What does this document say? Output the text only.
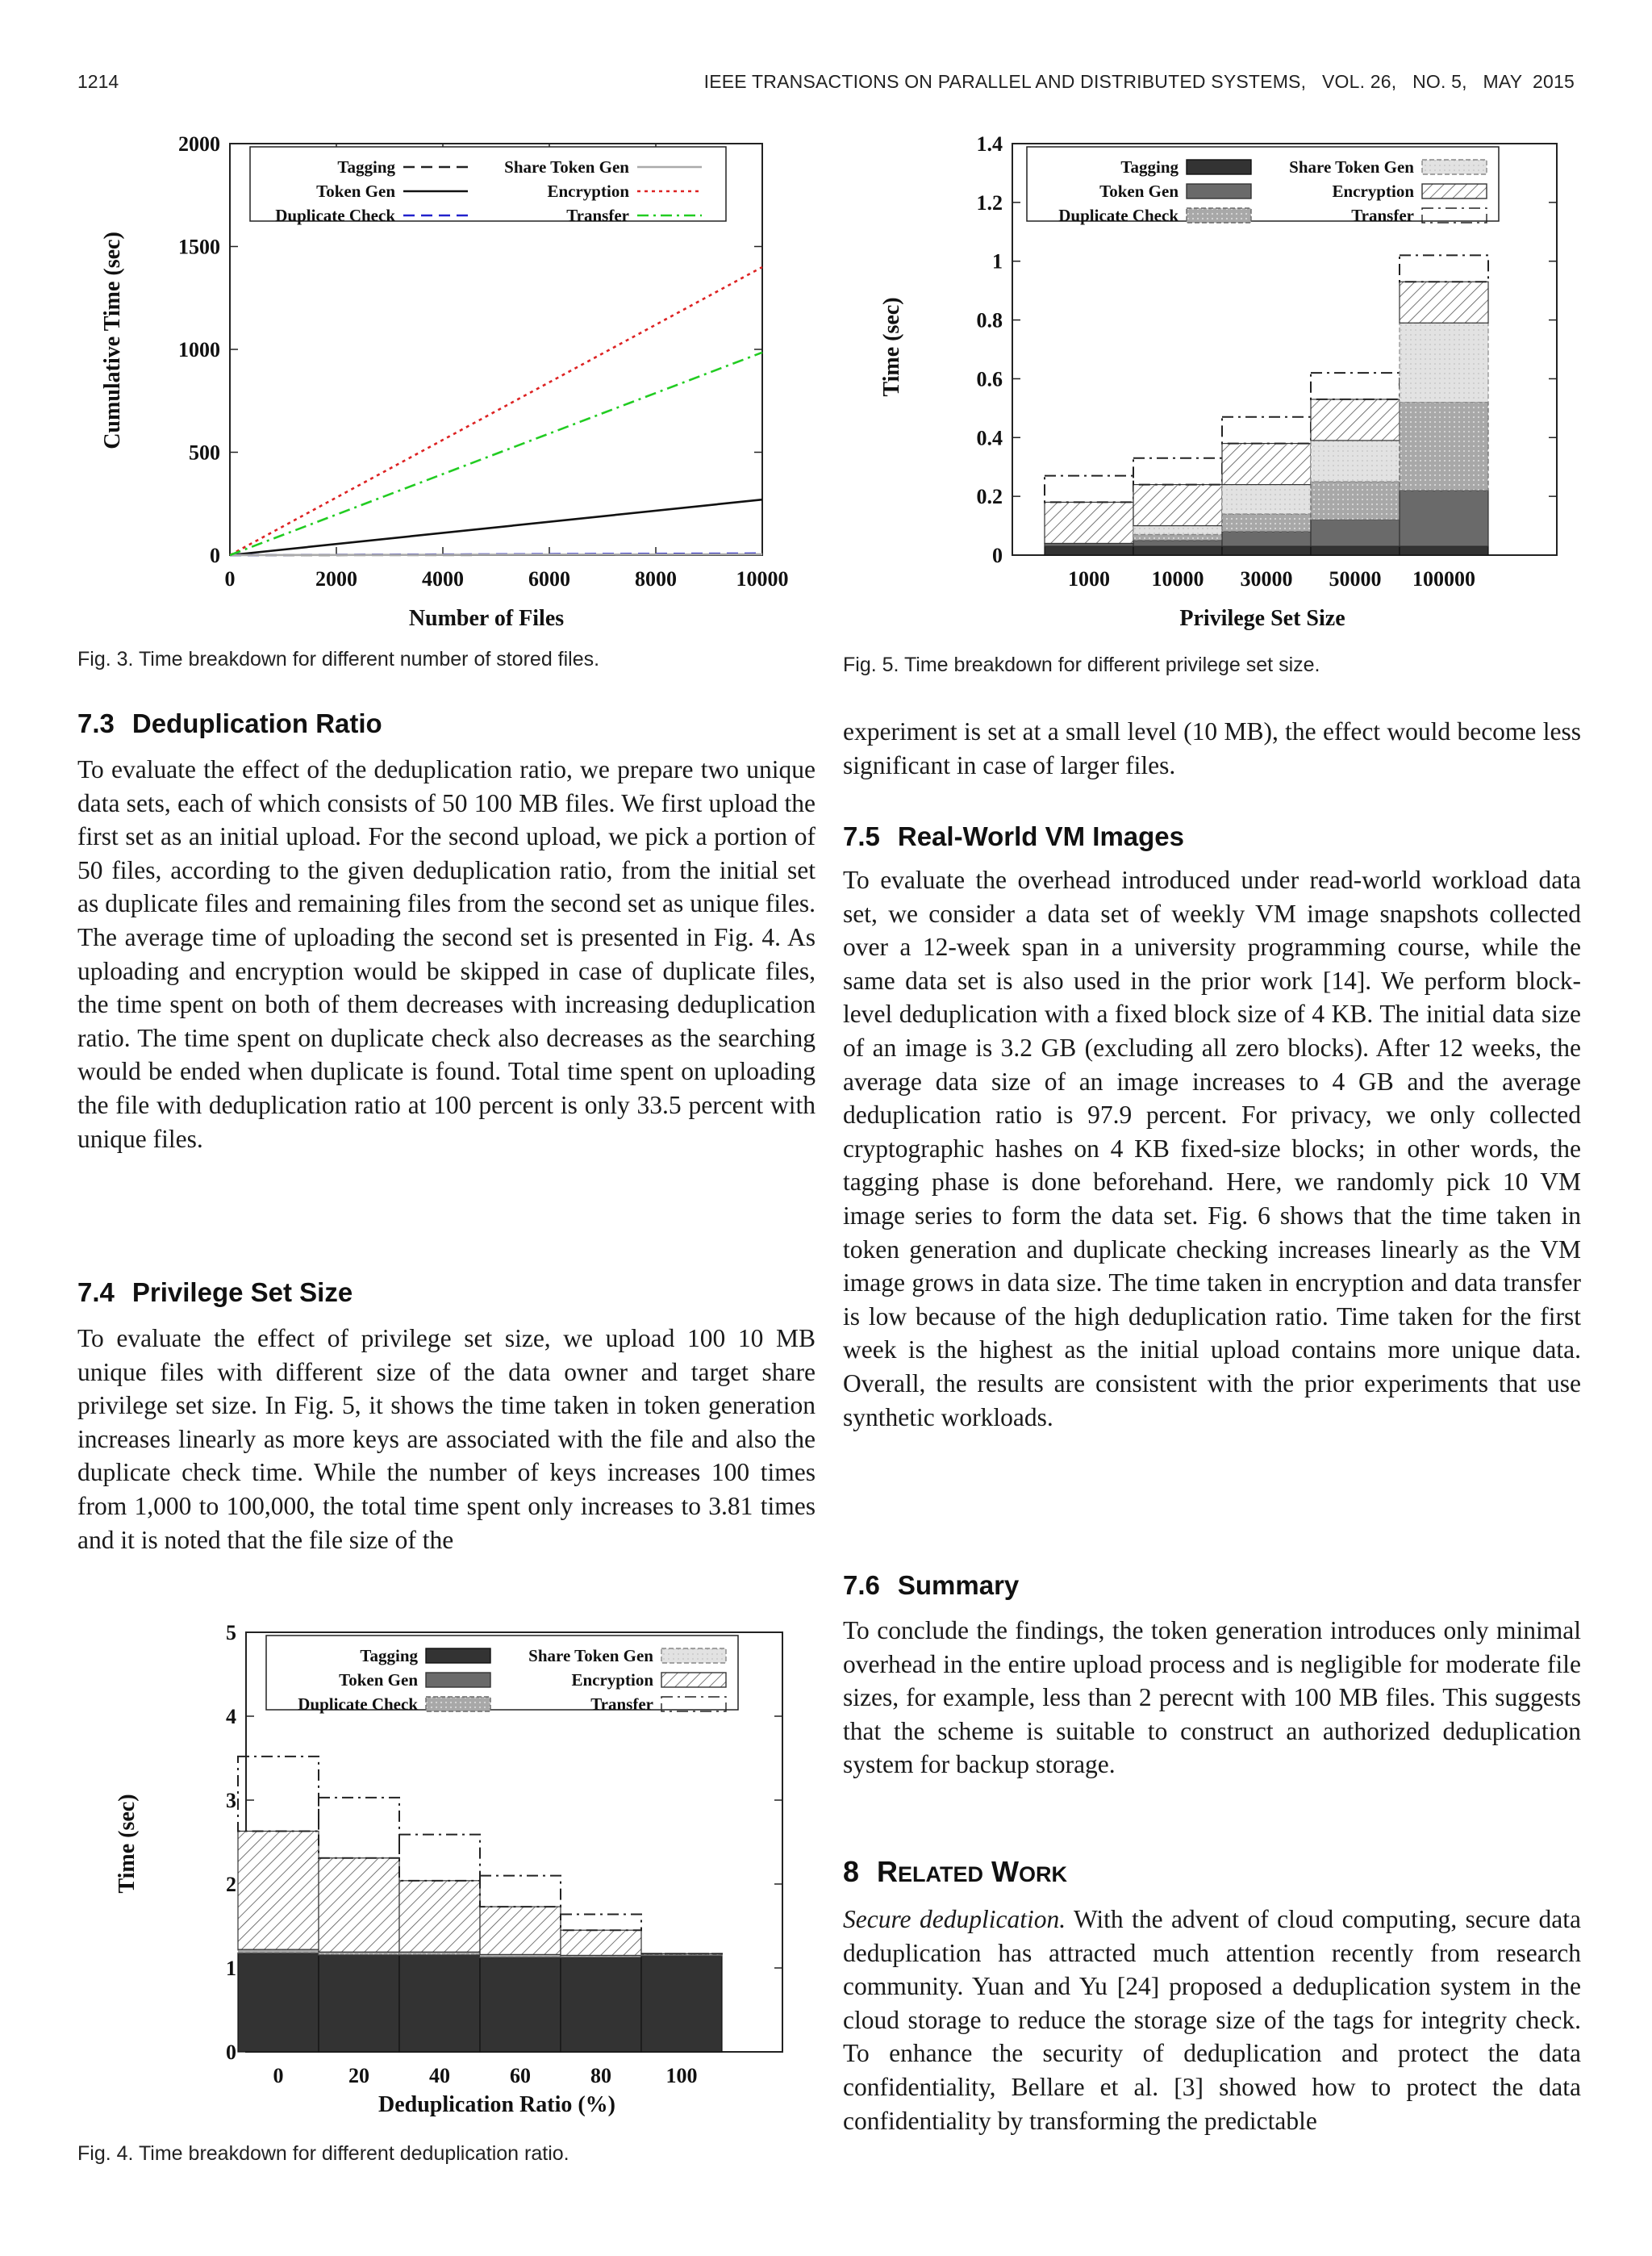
1214	IEEE TRANSACTIONS ON PARALLEL AND DISTRIBUTED SYSTEMS,   VOL. 26,   NO. 5,   MAY  2015
0
500
1000
1500
2000
0	2000	4000	6000	8000	10000
Tagging
Token Gen
Duplicate Check
Share Token Gen
Encryption
Transfer
Number of Files
Cumulative Time (sec)
Fig. 3. Time breakdown for different number of stored files.
0
0.2
0.4
0.6
0.8
1
1.2
1.4
1000 10000 30000 50000 100000
Tagging
Token Gen
Duplicate Check
Share Token Gen
Encryption
Transfer
Privilege Set Size
Time (sec)
Fig. 5. Time breakdown for different privilege set size.
0
1
2
3
4
5
0	20	40	60	80	100
Tagging
Token Gen
Duplicate Check
Share Token Gen
Encryption
Transfer
Deduplication Ratio (%)
Time (sec)
Fig. 4. Time breakdown for different deduplication ratio.
7.3 Deduplication Ratio

To evaluate the effect of the deduplication ratio, we prepare two unique data sets, each of which consists of 50 100 MB files. We first upload the first set as an initial upload. For the second upload, we pick a portion of 50 files, according to the given deduplication ratio, from the initial set as duplicate files and remaining files from the second set as unique files. The average time of uploading the second set is presented in Fig. 4. As uploading and encryption would be skipped in case of duplicate files, the time spent on both of them decreases with increasing deduplication ratio. The time spent on duplicate check also decreases as the searching would be ended when duplicate is found. Total time spent on uploading the file with deduplication ratio at 100 percent is only 33.5 percent with unique files.

7.4 Privilege Set Size

To evaluate the effect of privilege set size, we upload 100 10 MB unique files with different size of the data owner and target share privilege set size. In Fig. 5, it shows the time taken in token generation increases linearly as more keys are associated with the file and also the duplicate check time. While the number of keys increases 100 times from 1,000 to 100,000, the total time spent only increases to 3.81 times and it is noted that the file size of the

experiment is set at a small level (10 MB), the effect would become less significant in case of larger files.

7.5 Real-World VM Images

To evaluate the overhead introduced under read-world workload data set, we consider a data set of weekly VM image snapshots collected over a 12-week span in a university programming course, while the same data set is also used in the prior work [14]. We perform block-level deduplication with a fixed block size of 4 KB. The initial data size of an image is 3.2 GB (excluding all zero blocks). After 12 weeks, the average data size of an image increases to 4 GB and the average deduplication ratio is 97.9 percent. For privacy, we only collected cryptographic hashes on 4 KB fixed-size blocks; in other words, the tagging phase is done beforehand. Here, we randomly pick 10 VM image series to form the data set. Fig. 6 shows that the time taken in token generation and duplicate checking increases linearly as the VM image grows in data size. The time taken in encryption and data transfer is low because of the high deduplication ratio. Time taken for the first week is the highest as the initial upload contains more unique data. Overall, the results are consistent with the prior experiments that use synthetic workloads.

7.6 Summary

To conclude the findings, the token generation introduces only minimal overhead in the entire upload process and is negligible for moderate file sizes, for example, less than 2 perecnt with 100 MB files. This suggests that the scheme is suitable to construct an authorized deduplication system for backup storage.

8 RELATED WORK

Secure deduplication. With the advent of cloud computing, secure data deduplication has attracted much attention recently from research community. Yuan and Yu [24] proposed a deduplication system in the cloud storage to reduce the storage size of the tags for integrity check. To enhance the security of deduplication and protect the data confidentiality, Bellare et al. [3] showed how to protect the data confidentiality by transforming the predictable
